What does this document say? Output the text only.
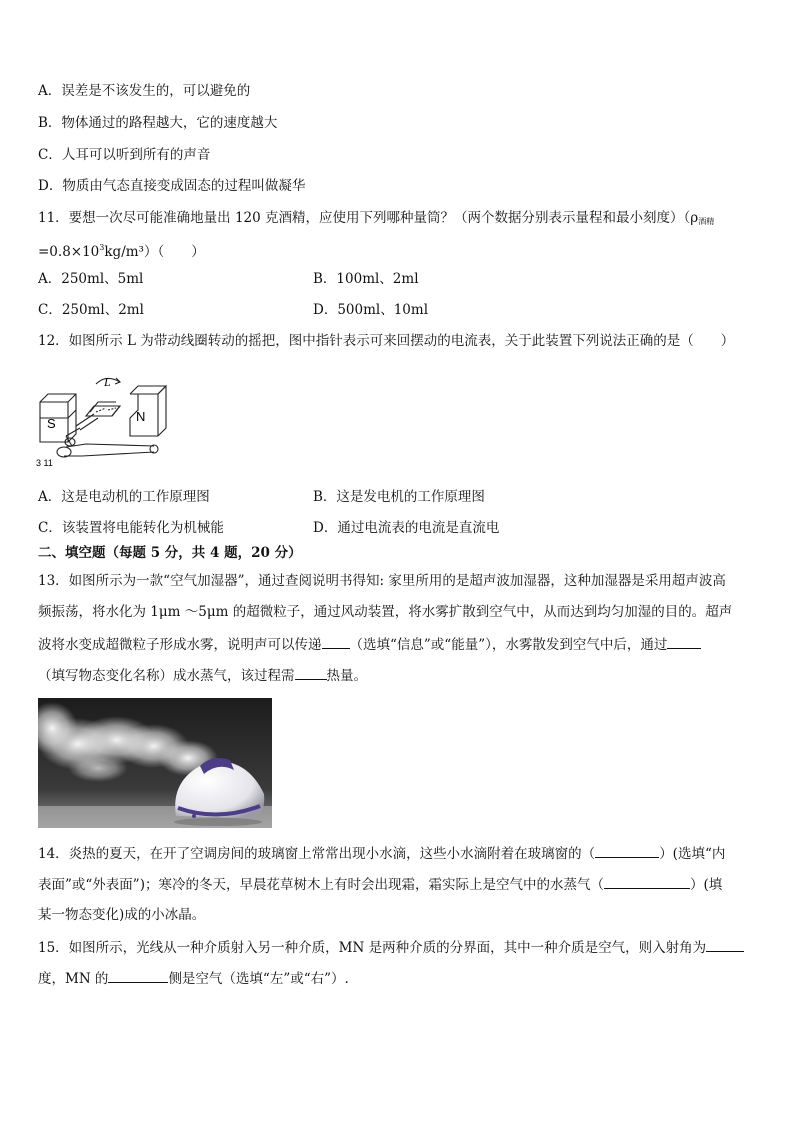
A．误差是不该发生的，可以避免的
B．物体通过的路程越大，它的速度越大
C．人耳可以听到所有的声音
D．物质由气态直接变成固态的过程叫做凝华
11．要想一次尽可能准确地量出 120 克酒精，应使用下列哪种量筒？（两个数据分别表示量程和最小刻度）（$\rho_{酒精}$
$=0.8\times 10^3kg/m^3$）（　　）
A．250ml、5ml	B．100ml、2ml
C．250ml、2ml	D．500ml、10ml
12．如图所示 L 为带动线圈转动的摇把，图中指针表示可来回摆动的电流表，关于此装置下列说法正确的是（　　）
S	N
L
3 11
A．这是电动机的工作原理图	B．这是发电机的工作原理图
C．该装置将电能转化为机械能	D．通过电流表的电流是直流电
二、填空题（每题 5 分，共 4 题，20 分）
13．如图所示为一款“空气加湿器”，通过查阅说明书得知: 家里所用的是超声波加湿器，这种加湿器是采用超声波高
频振荡，将水化为 1μm ～5μm 的超微粒子，通过风动装置，将水雾扩散到空气中，从而达到均匀加湿的目的。超声
波将水变成超微粒子形成水雾，说明声可以传递 （选填“信息”或“能量”），水雾散发到空气中后，通过
（填写物态变化名称）成水蒸气，该过程需 热量。
14．炎热的夏天，在开了空调房间的玻璃窗上常常出现小水滴，这些小水滴附着在玻璃窗的（	）(选填“内
表面”或“外表面”)；寒冷的冬天，早晨花草树木上有时会出现霜，霜实际上是空气中的水蒸气（	）(填
某一物态变化)成的小冰晶。
15．如图所示，光线从一种介质射入另一种介质，MN 是两种介质的分界面，其中一种介质是空气，则入射角为
度，MN 的	侧是空气（选填“左”或“右”）.
